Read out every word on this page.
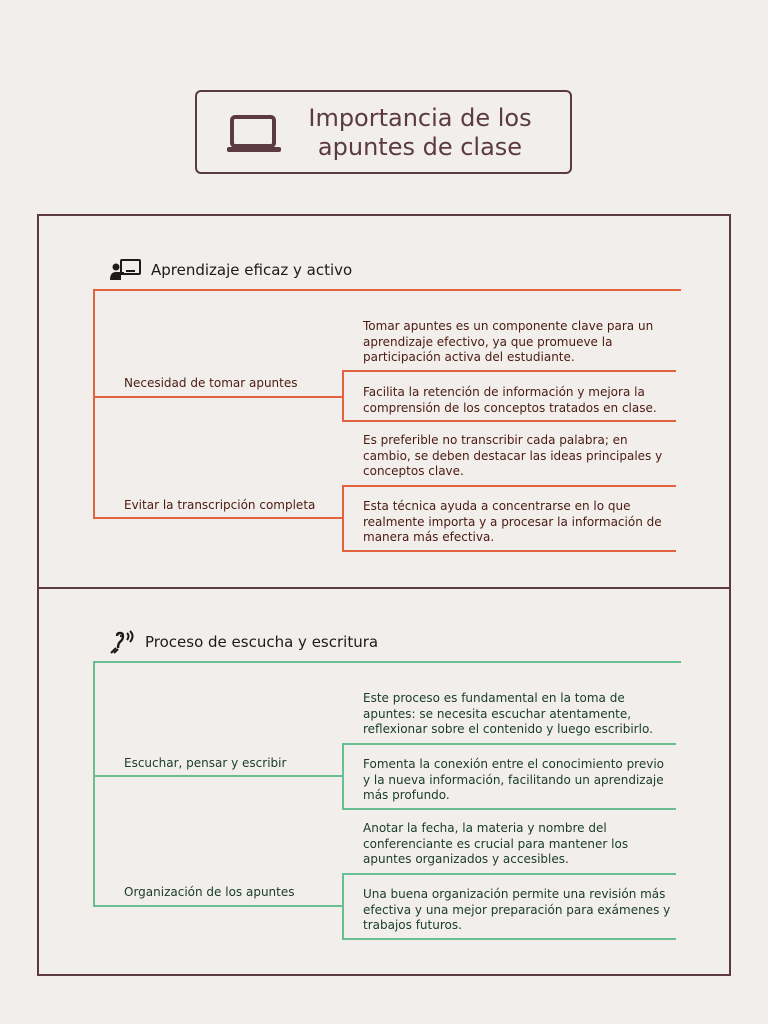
Importancia de los apuntes de clase
Aprendizaje eficaz y activo
Necesidad de tomar apuntes
Tomar apuntes es un componente clave para un aprendizaje efectivo, ya que promueve la participación activa del estudiante.
Facilita la retención de información y mejora la comprensión de los conceptos tratados en clase.
Evitar la transcripción completa
Es preferible no transcribir cada palabra; en cambio, se deben destacar las ideas principales y conceptos clave.
Esta técnica ayuda a concentrarse en lo que realmente importa y a procesar la información de manera más efectiva.
Proceso de escucha y escritura
Escuchar, pensar y escribir
Este proceso es fundamental en la toma de apuntes: se necesita escuchar atentamente, reflexionar sobre el contenido y luego escribirlo.
Fomenta la conexión entre el conocimiento previo y la nueva información, facilitando un aprendizaje más profundo.
Organización de los apuntes
Anotar la fecha, la materia y nombre del conferenciante es crucial para mantener los apuntes organizados y accesibles.
Una buena organización permite una revisión más efectiva y una mejor preparación para exámenes y trabajos futuros.
